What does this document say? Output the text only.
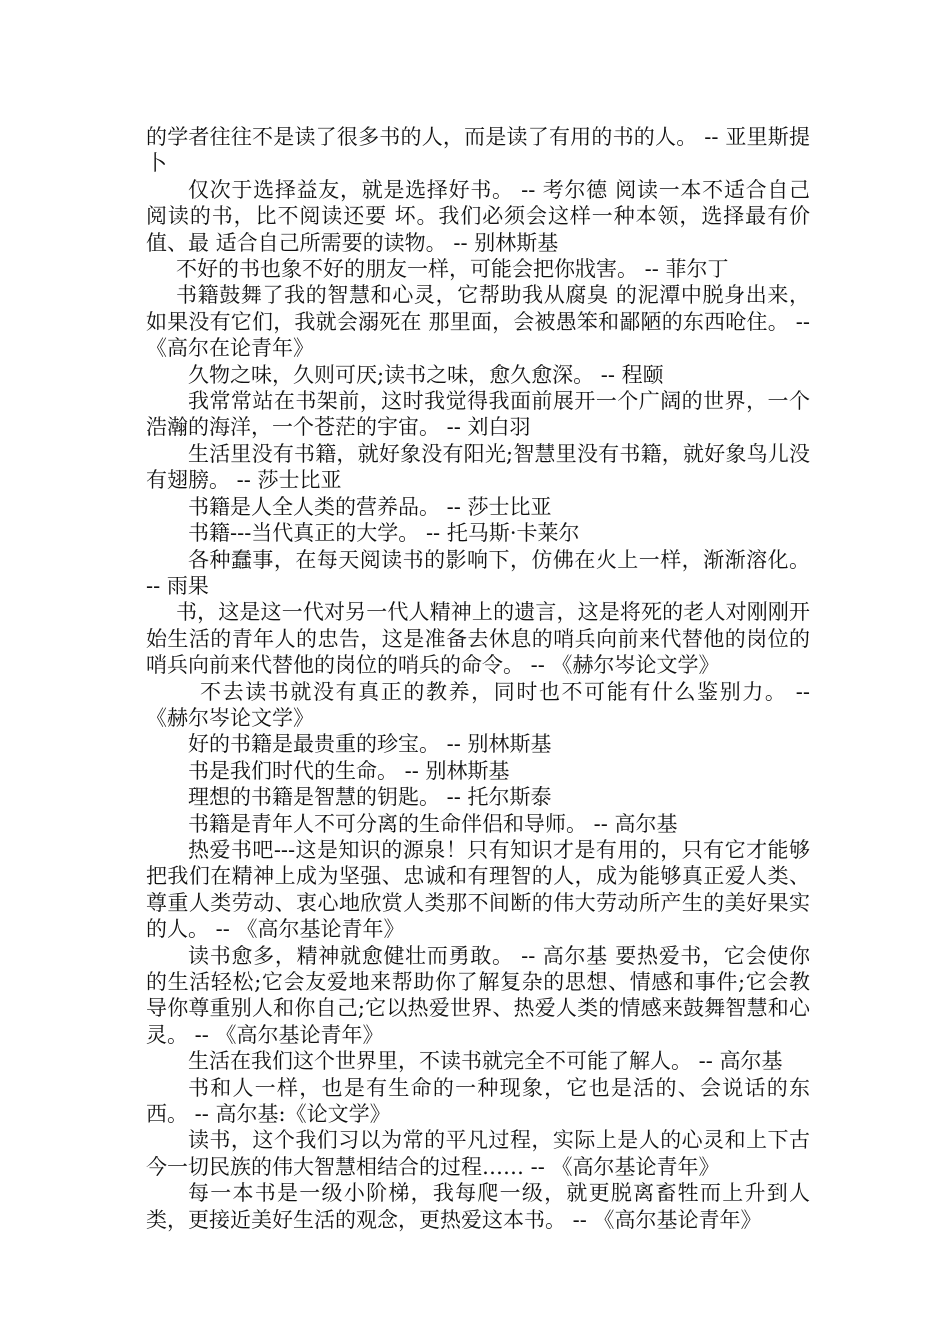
的学者往往不是读了很多书的人，而是读了有用的书的人。 -- 亚里斯提卜

仅次于选择益友，就是选择好书。 -- 考尔德 阅读一本不适合自己阅读的书，比不阅读还要 坏。我们必须会这样一种本领，选择最有价值、最 适合自己所需要的读物。 -- 别林斯基

不好的书也象不好的朋友一样，可能会把你戕害。 -- 菲尔丁

书籍鼓舞了我的智慧和心灵，它帮助我从腐臭 的泥潭中脱身出来，如果没有它们，我就会溺死在 那里面，会被愚笨和鄙陋的东西呛住。 -- 《高尔在论青年》

久物之味，久则可厌;读书之味，愈久愈深。 -- 程颐

我常常站在书架前，这时我觉得我面前展开一个广阔的世界，一个浩瀚的海洋，一个苍茫的宇宙。 -- 刘白羽

生活里没有书籍，就好象没有阳光;智慧里没有书籍，就好象鸟儿没有翅膀。 -- 莎士比亚

书籍是人全人类的营养品。 -- 莎士比亚

书籍---当代真正的大学。 -- 托马斯·卡莱尔

各种蠢事，在每天阅读书的影响下，仿佛在火上一样，渐渐溶化。 -- 雨果

书，这是这一代对另一代人精神上的遗言，这是将死的老人对刚刚开始生活的青年人的忠告，这是准备去休息的哨兵向前来代替他的岗位的哨兵向前来代替他的岗位的哨兵的命令。 -- 《赫尔岑论文学》

不去读书就没有真正的教养，同时也不可能有什么鉴别力。 -- 《赫尔岑论文学》

好的书籍是最贵重的珍宝。 -- 别林斯基

书是我们时代的生命。 -- 别林斯基

理想的书籍是智慧的钥匙。 -- 托尔斯泰

书籍是青年人不可分离的生命伴侣和导师。 -- 高尔基

热爱书吧---这是知识的源泉！只有知识才是有用的，只有它才能够把我们在精神上成为坚强、忠诚和有理智的人，成为能够真正爱人类、尊重人类劳动、衷心地欣赏人类那不间断的伟大劳动所产生的美好果实的人。 -- 《高尔基论青年》

读书愈多，精神就愈健壮而勇敢。 -- 高尔基 要热爱书，它会使你的生活轻松;它会友爱地来帮助你了解复杂的思想、情感和事件;它会教导你尊重别人和你自己;它以热爱世界、热爱人类的情感来鼓舞智慧和心灵。 -- 《高尔基论青年》

生活在我们这个世界里，不读书就完全不可能了解人。 -- 高尔基

书和人一样，也是有生命的一种现象，它也是活的、会说话的东西。 -- 高尔基:《论文学》

读书，这个我们习以为常的平凡过程，实际上是人的心灵和上下古今一切民族的伟大智慧相结合的过程…… -- 《高尔基论青年》

每一本书是一级小阶梯，我每爬一级，就更脱离畜牲而上升到人类，更接近美好生活的观念，更热爱这本书。 -- 《高尔基论青年》
